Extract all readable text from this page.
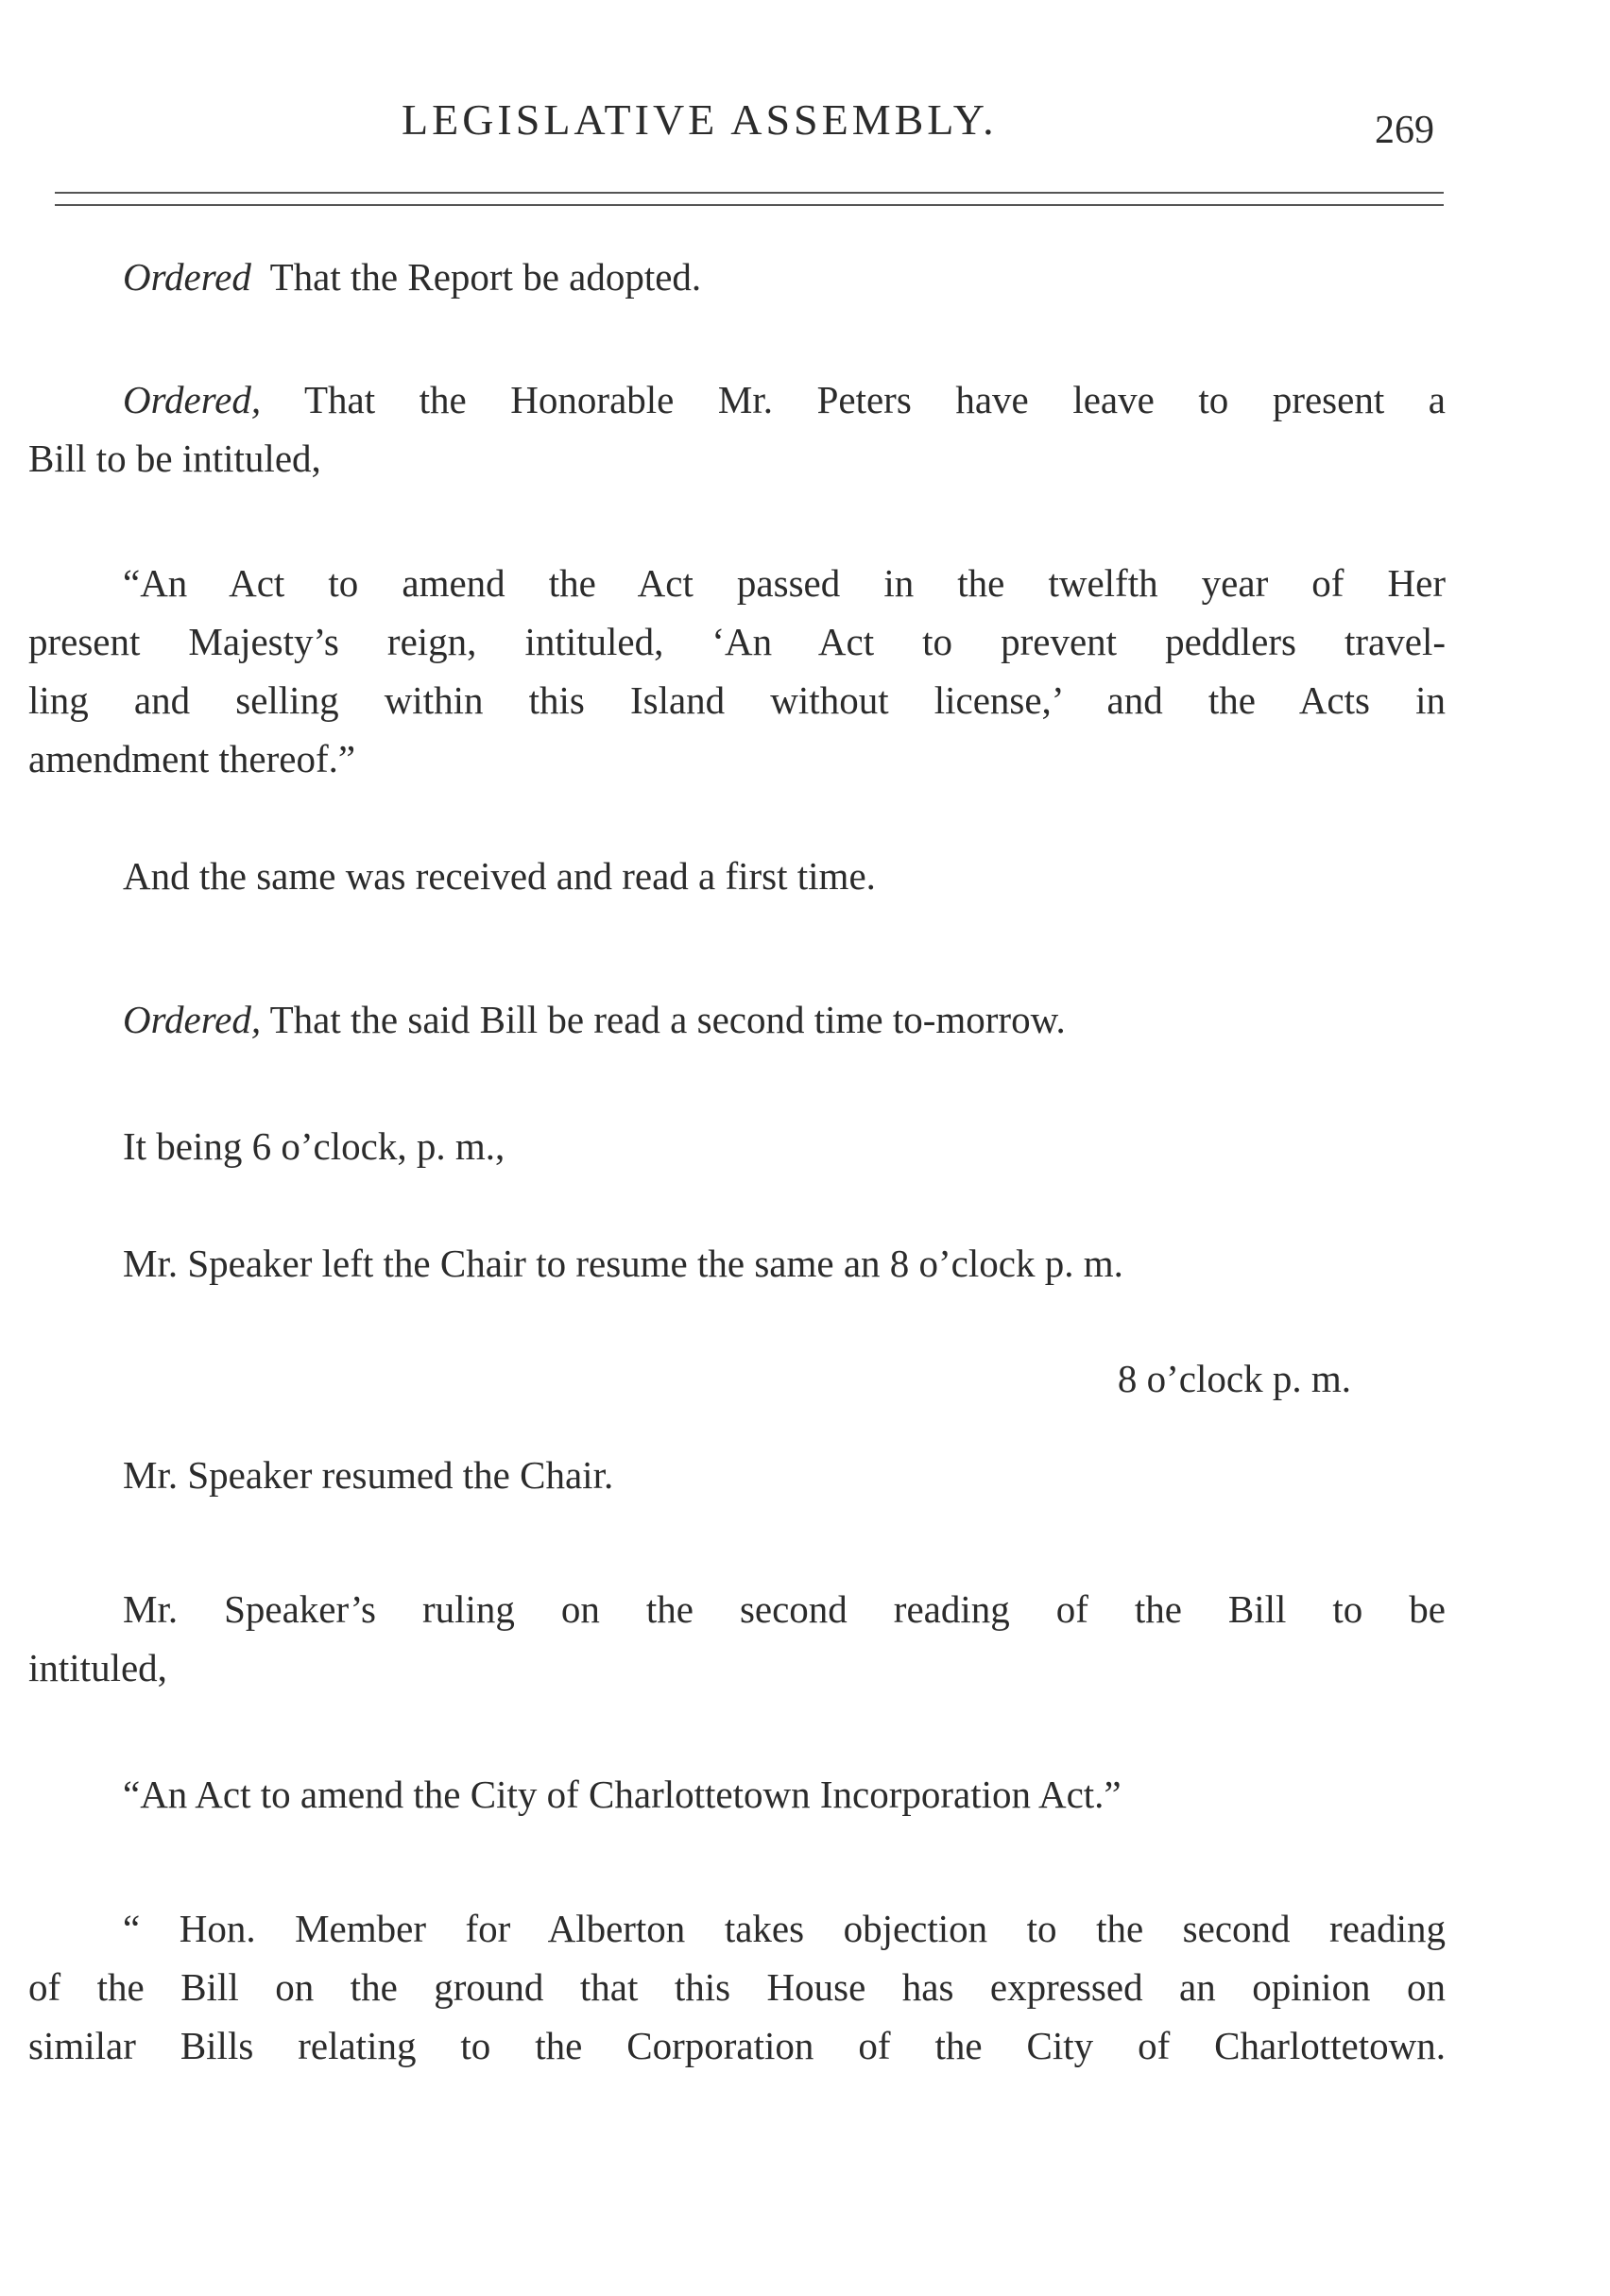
LEGISLATIVE ASSEMBLY.	269
Ordered That the Report be adopted.
Ordered, That the Honorable Mr. Peters have leave to present a
Bill to be intituled,
“An Act to amend the Act passed in the twelfth year of Her
present Majesty’s reign, intituled, ‘An Act to prevent peddlers travel-
ling and selling within this Island without license,’ and the Acts in
amendment thereof.”
And the same was received and read a first time.
Ordered, That the said Bill be read a second time to-morrow.
It being 6 o’clock, p. m.,
Mr. Speaker left the Chair to resume the same an 8 o’clock p. m.
8 o’clock p. m.
Mr. Speaker resumed the Chair.
Mr. Speaker’s ruling on the second reading of the Bill to be
intituled,
“An Act to amend the City of Charlottetown Incorporation Act.”
“ Hon. Member for Alberton takes objection to the second reading
of the Bill on the ground that this House has expressed an opinion on
similar Bills relating to the Corporation of the City of Charlottetown.
